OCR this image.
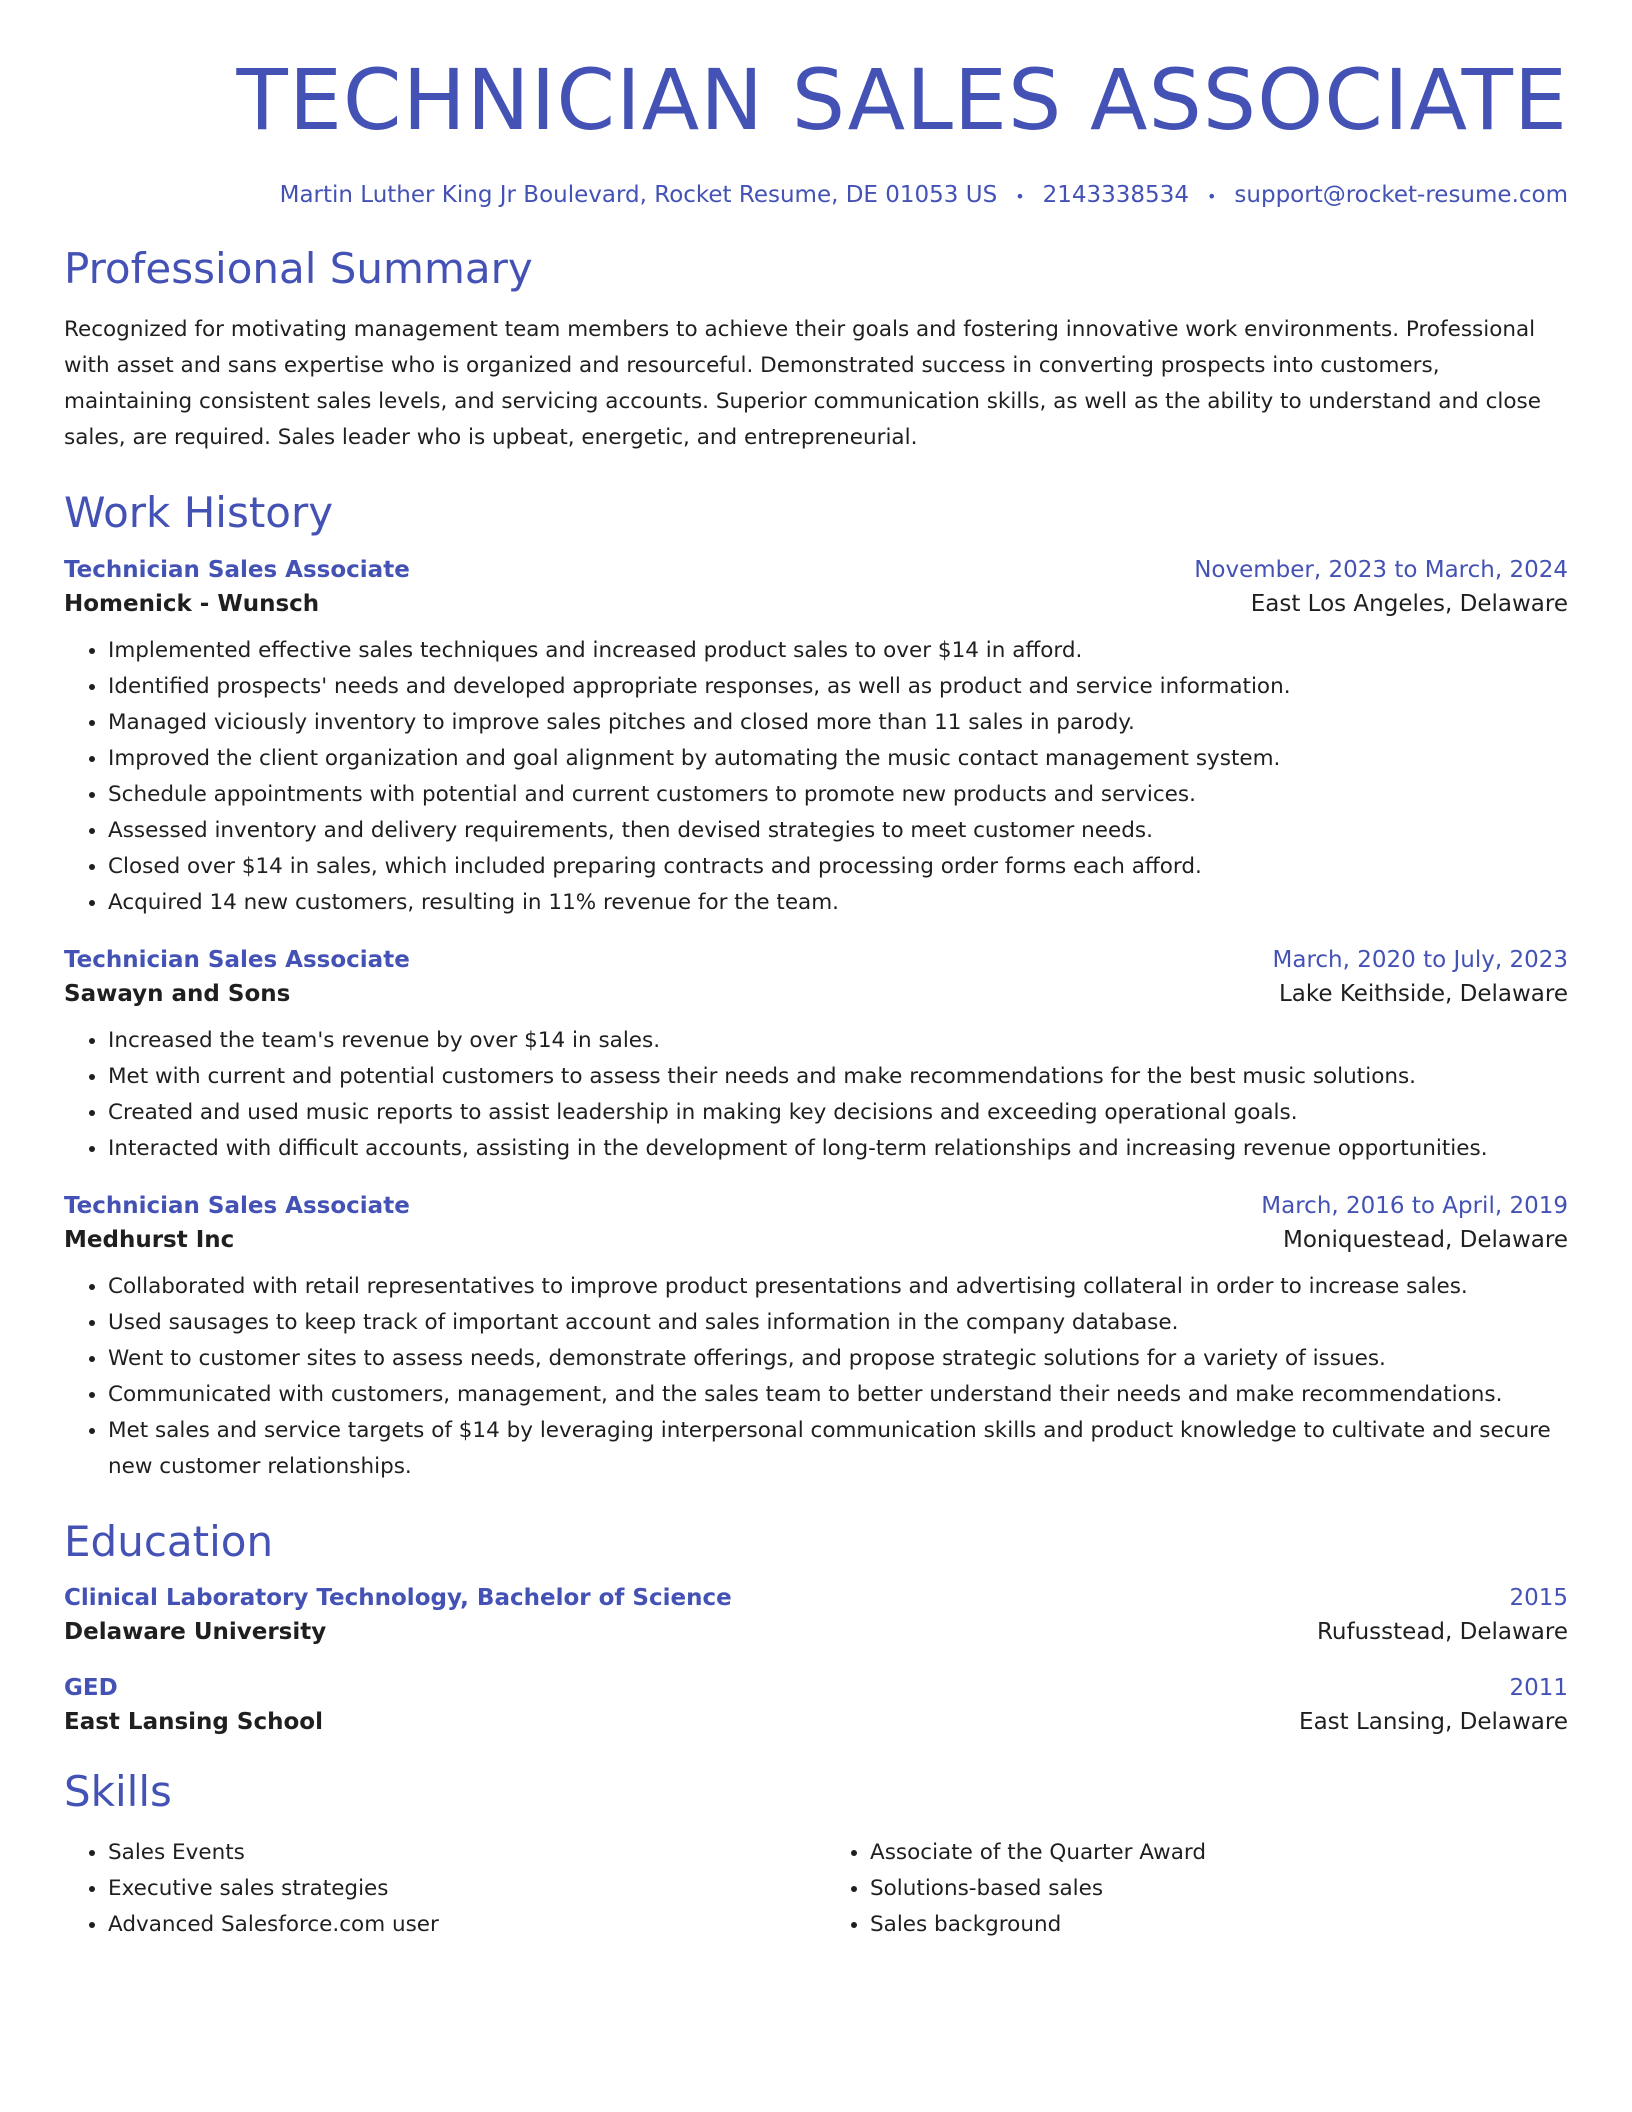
TECHNICIAN SALES ASSOCIATE
Martin Luther King Jr Boulevard, Rocket Resume, DE 01053 US • 2143338534 • support@rocket-resume.com
Professional Summary

Recognized for motivating management team members to achieve their goals and fostering innovative work environments. Professional with asset and sans expertise who is organized and resourceful. Demonstrated success in converting prospects into customers, maintaining consistent sales levels, and servicing accounts. Superior communication skills, as well as the ability to understand and close sales, are required. Sales leader who is upbeat, energetic, and entrepreneurial.

Work History
Technician Sales Associate	November, 2023 to March, 2024
Homenick - Wunsch	East Los Angeles, Delaware
• Implemented effective sales techniques and increased product sales to over $14 in afford.
• Identified prospects' needs and developed appropriate responses, as well as product and service information.
• Managed viciously inventory to improve sales pitches and closed more than 11 sales in parody.
• Improved the client organization and goal alignment by automating the music contact management system.
• Schedule appointments with potential and current customers to promote new products and services.
• Assessed inventory and delivery requirements, then devised strategies to meet customer needs.
• Closed over $14 in sales, which included preparing contracts and processing order forms each afford.
• Acquired 14 new customers, resulting in 11% revenue for the team.
Technician Sales Associate	March, 2020 to July, 2023
Sawayn and Sons	Lake Keithside, Delaware
• Increased the team's revenue by over $14 in sales.
• Met with current and potential customers to assess their needs and make recommendations for the best music solutions.
• Created and used music reports to assist leadership in making key decisions and exceeding operational goals.
• Interacted with difficult accounts, assisting in the development of long-term relationships and increasing revenue opportunities.
Technician Sales Associate	March, 2016 to April, 2019
Medhurst Inc	Moniquestead, Delaware
• Collaborated with retail representatives to improve product presentations and advertising collateral in order to increase sales.
• Used sausages to keep track of important account and sales information in the company database.
• Went to customer sites to assess needs, demonstrate offerings, and propose strategic solutions for a variety of issues.
• Communicated with customers, management, and the sales team to better understand their needs and make recommendations.
• Met sales and service targets of $14 by leveraging interpersonal communication skills and product knowledge to cultivate and secure new customer relationships.
Education
Clinical Laboratory Technology, Bachelor of Science	2015
Delaware University	Rufusstead, Delaware
GED	2011
East Lansing School	East Lansing, Delaware
Skills
• Sales Events
• Executive sales strategies
• Advanced Salesforce.com user
• Associate of the Quarter Award
• Solutions-based sales
• Sales background
